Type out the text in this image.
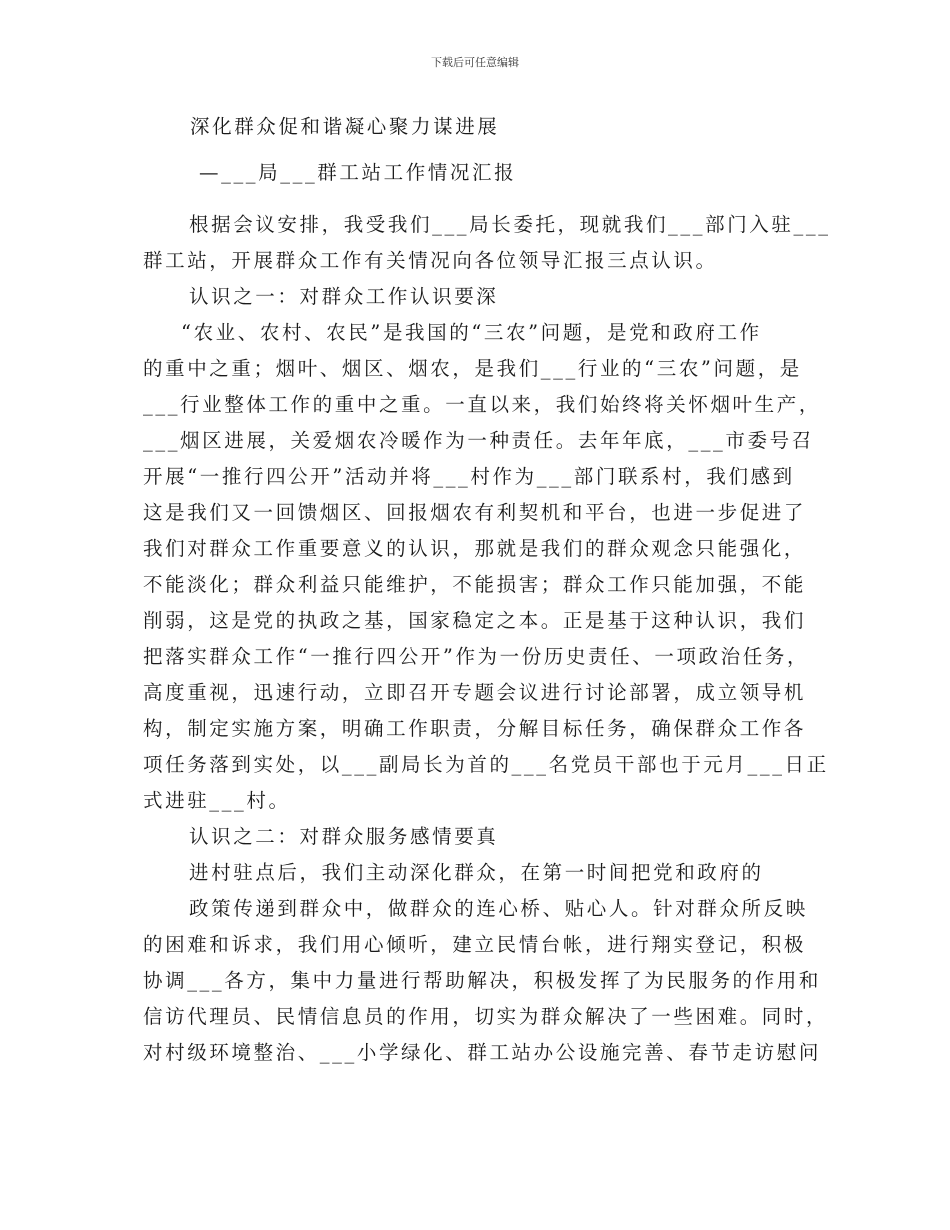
下载后可任意编辑
深化群众促和谐凝心聚力谋进展
—___局___群工站工作情况汇报
根据会议安排，我受我们___局长委托，现就我们___部门入驻___
群工站，开展群众工作有关情况向各位领导汇报三点认识。
认识之一：对群众工作认识要深
“农业、农村、农民”是我国的“三农”问题，是党和政府工作
的重中之重；烟叶、烟区、烟农，是我们___行业的“三农”问题，是
___行业整体工作的重中之重。一直以来，我们始终将关怀烟叶生产，
___烟区进展，关爱烟农冷暖作为一种责任。去年年底，___市委号召
开展“一推行四公开”活动并将___村作为___部门联系村，我们感到
这是我们又一回馈烟区、回报烟农有利契机和平台，也进一步促进了
我们对群众工作重要意义的认识，那就是我们的群众观念只能强化，
不能淡化；群众利益只能维护，不能损害；群众工作只能加强，不能
削弱，这是党的执政之基，国家稳定之本。正是基于这种认识，我们
把落实群众工作“一推行四公开”作为一份历史责任、一项政治任务，
高度重视，迅速行动，立即召开专题会议进行讨论部署，成立领导机
构，制定实施方案，明确工作职责，分解目标任务，确保群众工作各
项任务落到实处，以___副局长为首的___名党员干部也于元月___日正
式进驻___村。
认识之二：对群众服务感情要真
进村驻点后，我们主动深化群众，在第一时间把党和政府的
政策传递到群众中，做群众的连心桥、贴心人。针对群众所反映
的困难和诉求，我们用心倾听，建立民情台帐，进行翔实登记，积极
协调___各方，集中力量进行帮助解决，积极发挥了为民服务的作用和
信访代理员、民情信息员的作用，切实为群众解决了一些困难。同时，
对村级环境整治、___小学绿化、群工站办公设施完善、春节走访慰问
